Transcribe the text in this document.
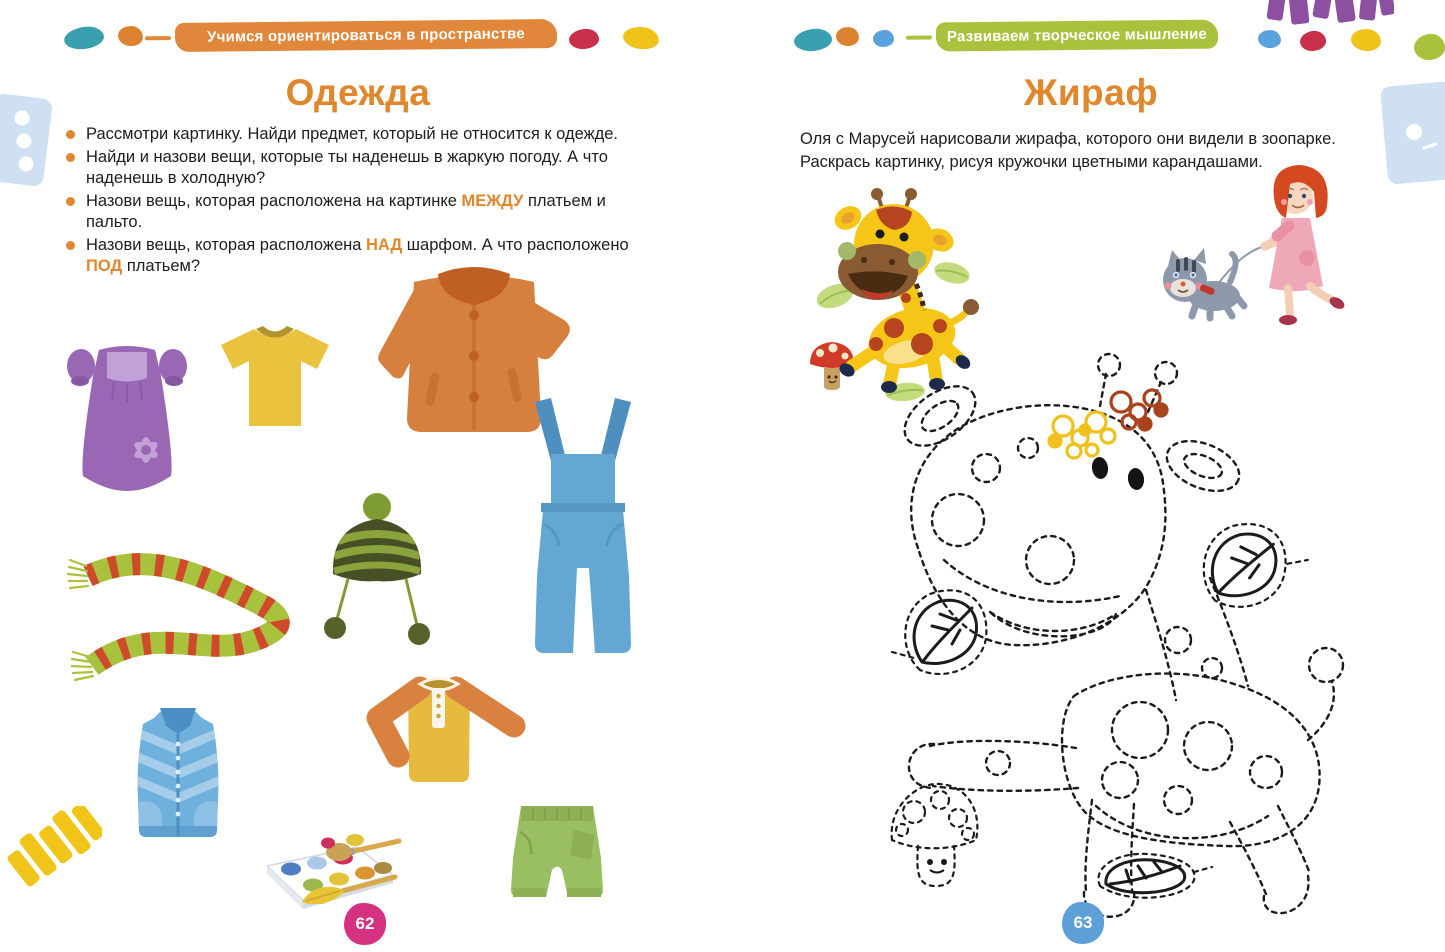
Учимся ориентироваться в пространстве	Развиваем творческое мышление
Одежда
Рассмотри картинку. Найди предмет, который не относится к одежде.
Найди и назови вещи, которые ты наденешь в жаркую погоду. А что наденешь в холодную?
Назови вещь, которая расположена на картинке МЕЖДУ платьем и пальто.
Назови вещь, которая расположена НАД шарфом. А что расположено ПОД платьем?
62
Жираф
Оля с Марусей нарисовали жирафа, которого они видели в зоопарке.
Раскрась картинку, рисуя кружочки цветными карандашами.
63
